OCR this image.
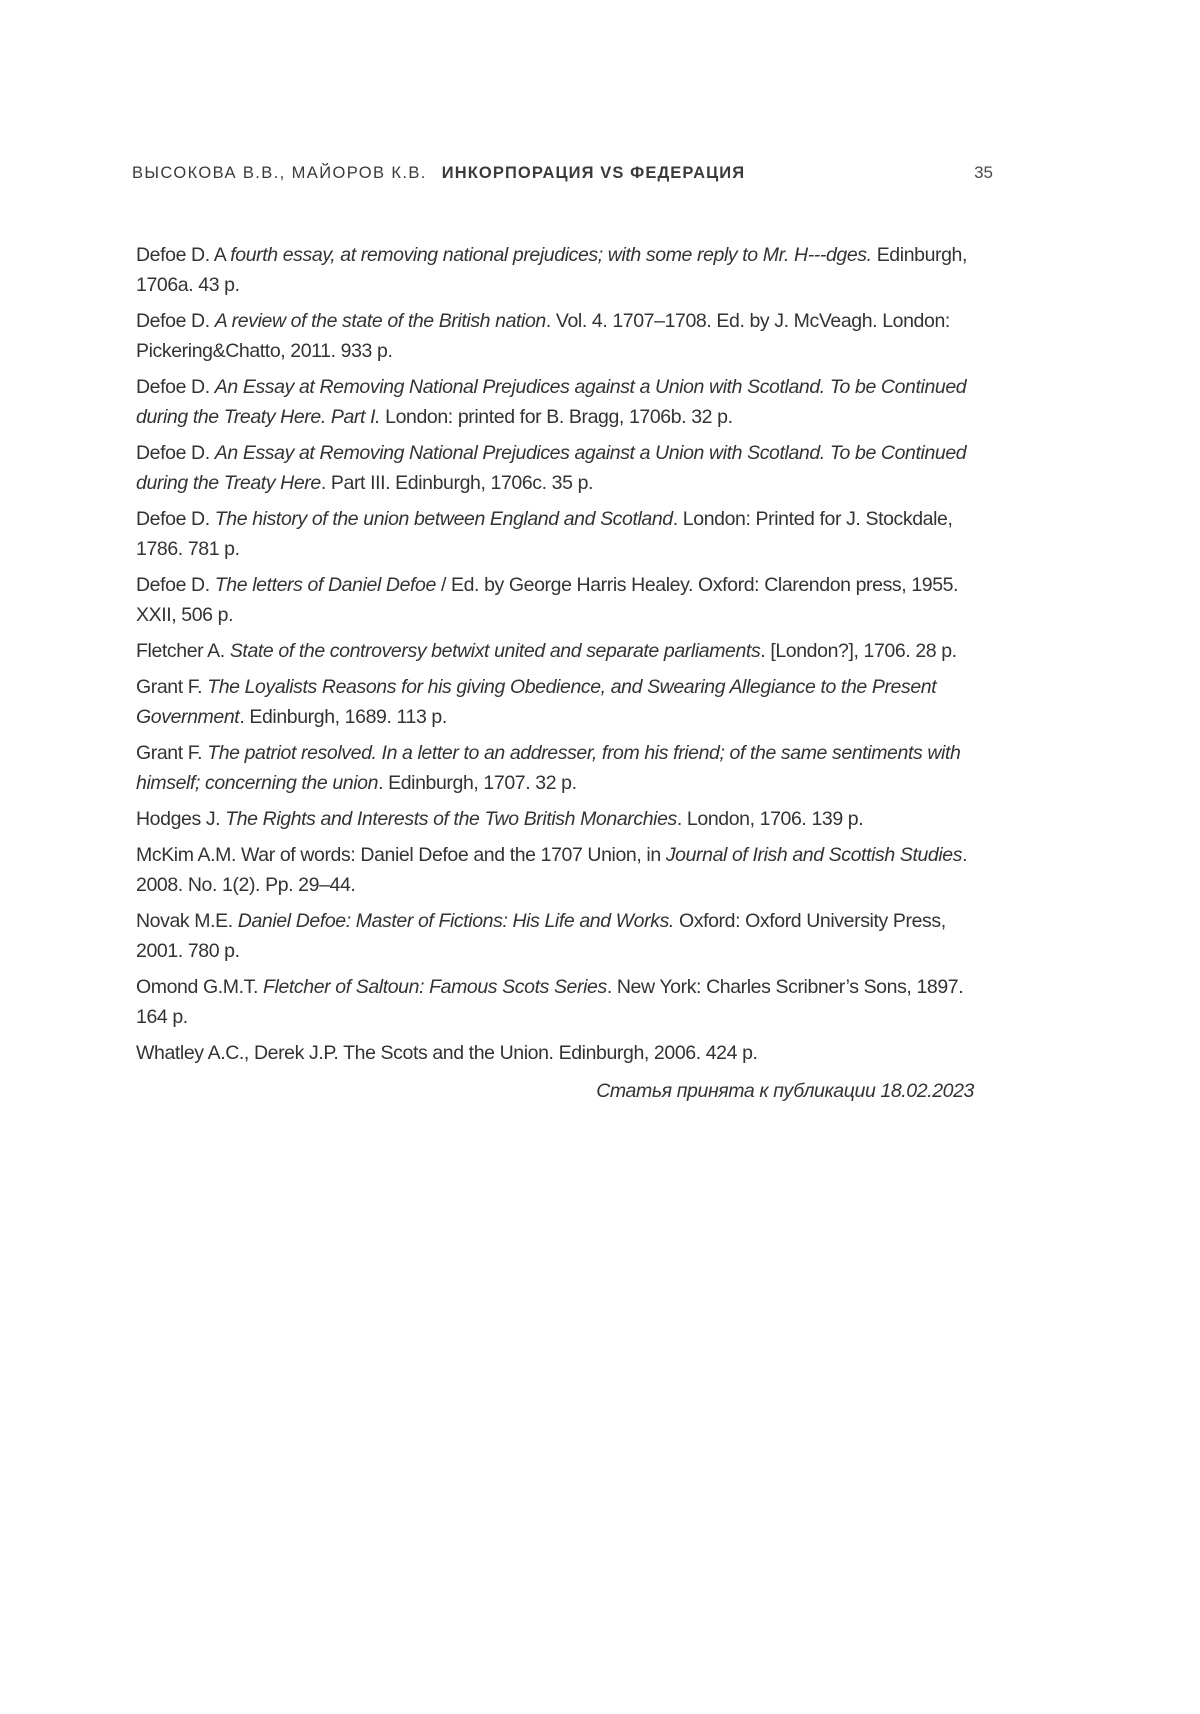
ВЫСОКОВА В.В., МАЙОРОВ К.В. ИНКОРПОРАЦИЯ VS ФЕДЕРАЦИЯ	35

Defoe D. A fourth essay, at removing national prejudices; with some reply to Mr. H---dges. Edinburgh, 1706a. 43 p.

Defoe D. A review of the state of the British nation. Vol. 4. 1707–1708. Ed. by J. McVeagh. London: Pickering&Chatto, 2011. 933 p.

Defoe D. An Essay at Removing National Prejudices against a Union with Scotland. To be Continued during the Treaty Here. Part I. London: printed for B. Bragg, 1706b. 32 p.

Defoe D. An Essay at Removing National Prejudices against a Union with Scotland. To be Continued during the Treaty Here. Part III. Edinburgh, 1706c. 35 p.

Defoe D. The history of the union between England and Scotland. London: Printed for J. Stockdale, 1786. 781 p.

Defoe D. The letters of Daniel Defoe / Ed. by George Harris Healey. Oxford: Clarendon press, 1955. XXII, 506 p.

Fletcher A. State of the controversy betwixt united and separate parliaments. [London?], 1706. 28 p.

Grant F. The Loyalists Reasons for his giving Obedience, and Swearing Allegiance to the Present Government. Edinburgh, 1689. 113 p.

Grant F. The patriot resolved. In a letter to an addresser, from his friend; of the same sentiments with himself; concerning the union. Edinburgh, 1707. 32 p.

Hodges J. The Rights and Interests of the Two British Monarchies. London, 1706. 139 p.

McKim A.M. War of words: Daniel Defoe and the 1707 Union, in Journal of Irish and Scottish Studies. 2008. No. 1(2). Pp. 29–44.

Novak M.E. Daniel Defoe: Master of Fictions: His Life and Works. Oxford: Oxford University Press, 2001. 780 p.

Omond G.M.T. Fletcher of Saltoun: Famous Scots Series. New York: Charles Scribner’s Sons, 1897. 164 p.

Whatley A.C., Derek J.P. The Scots and the Union. Edinburgh, 2006. 424 p.

Статья принята к публикации 18.02.2023
